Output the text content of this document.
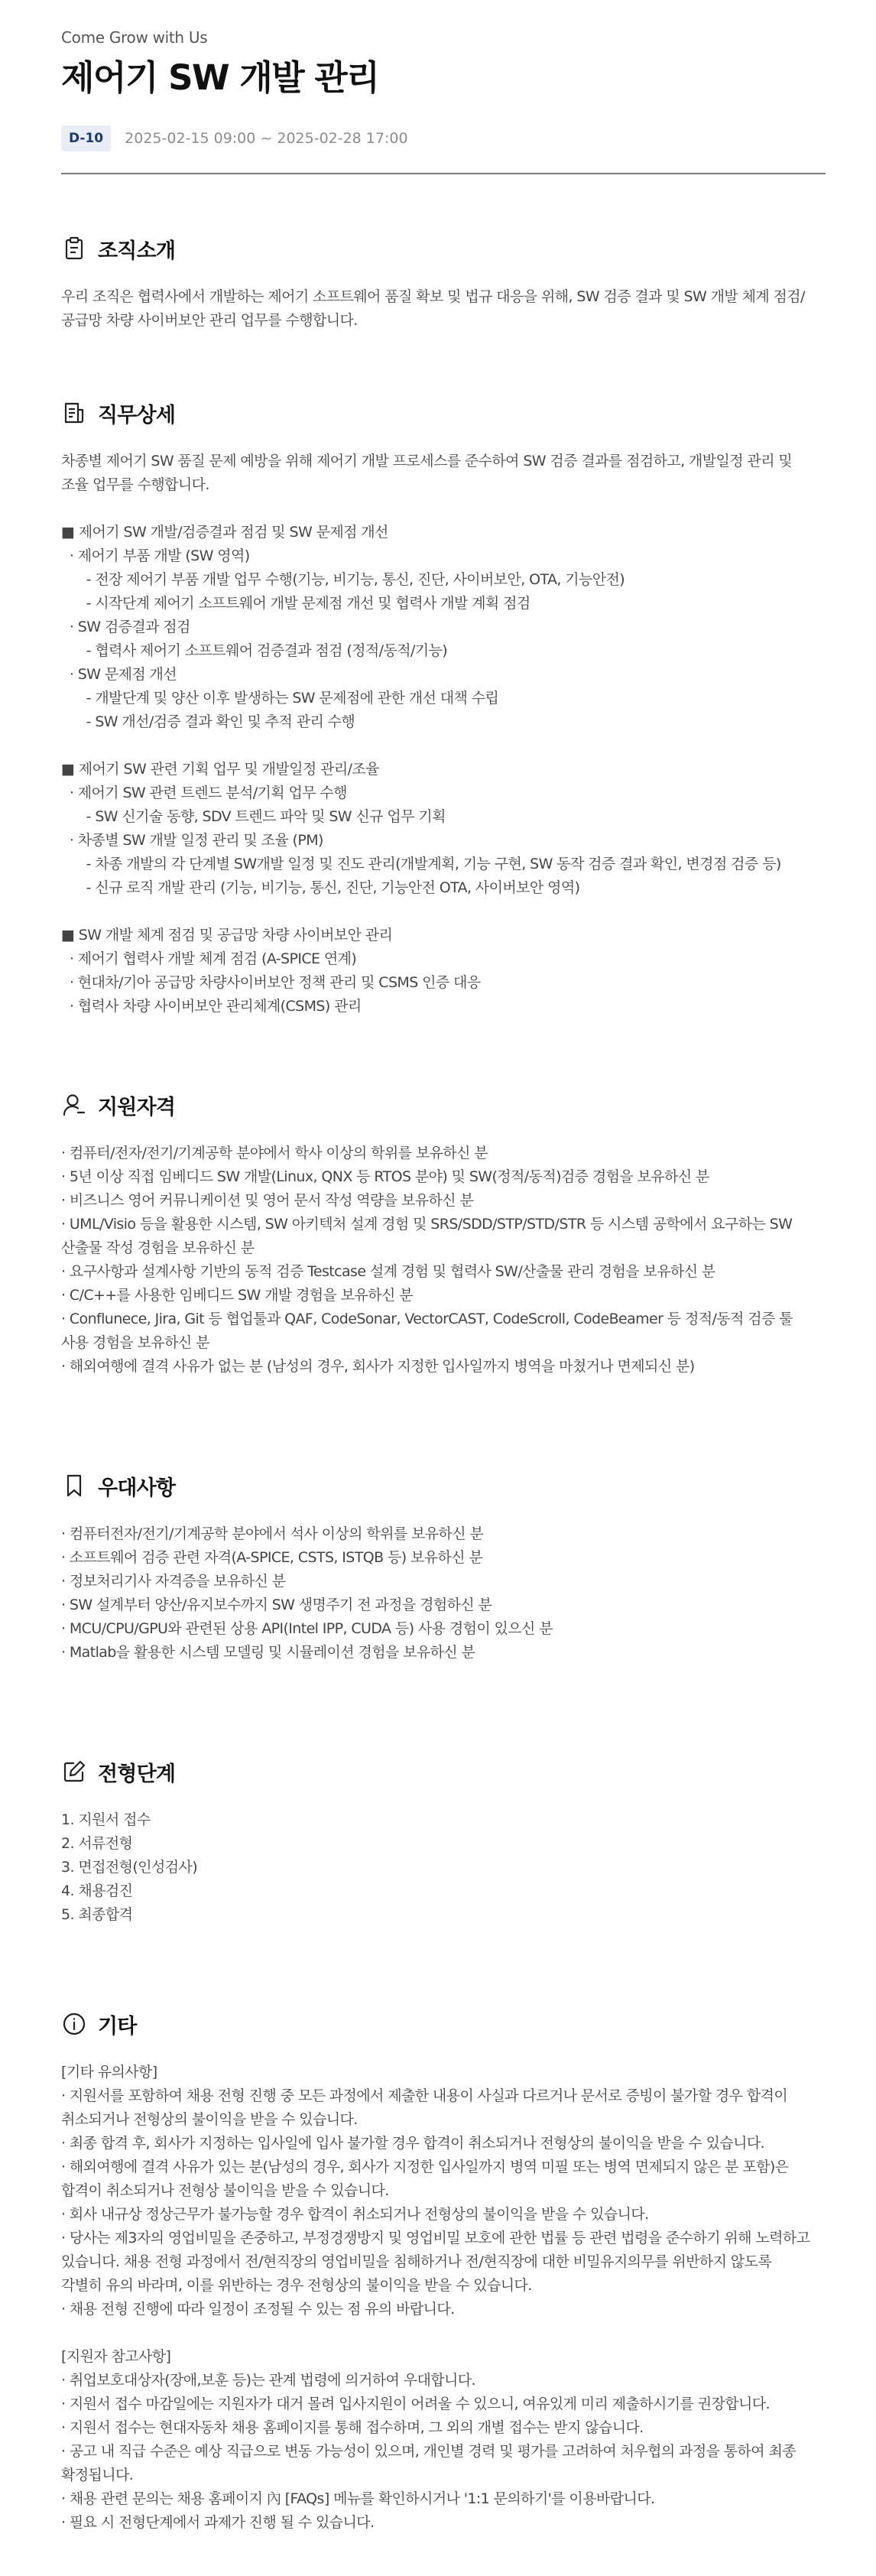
Come Grow with Us
제어기 SW 개발 관리
D-10	2025-02-15 09:00 ~ 2025-02-28 17:00
조직소개
우리 조직은 협력사에서 개발하는 제어기 소프트웨어 품질 확보 및 법규 대응을 위해, SW 검증 결과 및 SW 개발 체계 점검/
공급망 차량 사이버보안 관리 업무를 수행합니다.
직무상세
차종별 제어기 SW 품질 문제 예방을 위해 제어기 개발 프로세스를 준수하여 SW 검증 결과를 점검하고, 개발일정 관리 및
조율 업무를 수행합니다.
■ 제어기 SW 개발/검증결과 점검 및 SW 문제점 개선
· 제어기 부품 개발 (SW 영역)
- 전장 제어기 부품 개발 업무 수행(기능, 비기능, 통신, 진단, 사이버보안, OTA, 기능안전)
- 시작단계 제어기 소프트웨어 개발 문제점 개선 및 협력사 개발 계획 점검
· SW 검증결과 점검
- 협력사 제어기 소프트웨어 검증결과 점검 (정적/동적/기능)
· SW 문제점 개선
- 개발단계 및 양산 이후 발생하는 SW 문제점에 관한 개선 대책 수립
- SW 개선/검증 결과 확인 및 추적 관리 수행
■ 제어기 SW 관련 기획 업무 및 개발일정 관리/조율
· 제어기 SW 관련 트렌드 분석/기획 업무 수행
- SW 신기술 동향, SDV 트렌드 파악 및 SW 신규 업무 기획
· 차종별 SW 개발 일정 관리 및 조율 (PM)
- 차종 개발의 각 단계별 SW개발 일정 및 진도 관리(개발계획, 기능 구현, SW 동작 검증 결과 확인, 변경점 검증 등)
- 신규 로직 개발 관리 (기능, 비기능, 통신, 진단, 기능안전 OTA, 사이버보안 영역)
■ SW 개발 체계 점검 및 공급망 차량 사이버보안 관리
· 제어기 협력사 개발 체계 점검 (A-SPICE 연계)
· 현대차/기아 공급망 차량사이버보안 정책 관리 및 CSMS 인증 대응
· 협력사 차량 사이버보안 관리체계(CSMS) 관리
지원자격
· 컴퓨터/전자/전기/기계공학 분야에서 학사 이상의 학위를 보유하신 분
· 5년 이상 직접 임베디드 SW 개발(Linux, QNX 등 RTOS 분야) 및 SW(정적/동적)검증 경험을 보유하신 분
· 비즈니스 영어 커뮤니케이션 및 영어 문서 작성 역량을 보유하신 분
· UML/Visio 등을 활용한 시스템, SW 아키텍처 설계 경험 및 SRS/SDD/STP/STD/STR 등 시스템 공학에서 요구하는 SW
산출물 작성 경험을 보유하신 분
· 요구사항과 설계사항 기반의 동적 검증 Testcase 설계 경험 및 협력사 SW/산출물 관리 경험을 보유하신 분
· C/C++를 사용한 임베디드 SW 개발 경험을 보유하신 분
· Conflunece, Jira, Git 등 협업툴과 QAF, CodeSonar, VectorCAST, CodeScroll, CodeBeamer 등 정적/동적 검증 툴
사용 경험을 보유하신 분
· 해외여행에 결격 사유가 없는 분 (남성의 경우, 회사가 지정한 입사일까지 병역을 마쳤거나 면제되신 분)
우대사항
· 컴퓨터전자/전기/기계공학 분야에서 석사 이상의 학위를 보유하신 분
· 소프트웨어 검증 관련 자격(A-SPICE, CSTS, ISTQB 등) 보유하신 분
· 정보처리기사 자격증을 보유하신 분
· SW 설계부터 양산/유지보수까지 SW 생명주기 전 과정을 경험하신 분
· MCU/CPU/GPU와 관련된 상용 API(Intel IPP, CUDA 등) 사용 경험이 있으신 분
· Matlab을 활용한 시스템 모델링 및 시뮬레이션 경험을 보유하신 분
전형단계
1. 지원서 접수
2. 서류전형
3. 면접전형(인성검사)
4. 채용검진
5. 최종합격
기타
[기타 유의사항]
· 지원서를 포함하여 채용 전형 진행 중 모든 과정에서 제출한 내용이 사실과 다르거나 문서로 증빙이 불가할 경우 합격이
취소되거나 전형상의 불이익을 받을 수 있습니다.
· 최종 합격 후, 회사가 지정하는 입사일에 입사 불가할 경우 합격이 취소되거나 전형상의 불이익을 받을 수 있습니다.
· 해외여행에 결격 사유가 있는 분(남성의 경우, 회사가 지정한 입사일까지 병역 미필 또는 병역 면제되지 않은 분 포함)은
합격이 취소되거나 전형상 불이익을 받을 수 있습니다.
· 회사 내규상 정상근무가 불가능할 경우 합격이 취소되거나 전형상의 불이익을 받을 수 있습니다.
· 당사는 제3자의 영업비밀을 존중하고, 부정경쟁방지 및 영업비밀 보호에 관한 법률 등 관련 법령을 준수하기 위해 노력하고
있습니다. 채용 전형 과정에서 전/현직장의 영업비밀을 침해하거나 전/현직장에 대한 비밀유지의무를 위반하지 않도록
각별히 유의 바라며, 이를 위반하는 경우 전형상의 불이익을 받을 수 있습니다.
· 채용 전형 진행에 따라 일정이 조정될 수 있는 점 유의 바랍니다.
[지원자 참고사항]
· 취업보호대상자(장애,보훈 등)는 관계 법령에 의거하여 우대합니다.
· 지원서 접수 마감일에는 지원자가 대거 몰려 입사지원이 어려울 수 있으니, 여유있게 미리 제출하시기를 권장합니다.
· 지원서 접수는 현대자동차 채용 홈페이지를 통해 접수하며, 그 외의 개별 접수는 받지 않습니다.
· 공고 내 직급 수준은 예상 직급으로 변동 가능성이 있으며, 개인별 경력 및 평가를 고려하여 처우협의 과정을 통하여 최종
확정됩니다.
· 채용 관련 문의는 채용 홈페이지 內 [FAQs] 메뉴를 확인하시거나 '1:1 문의하기'를 이용바랍니다.
· 필요 시 전형단계에서 과제가 진행 될 수 있습니다.
